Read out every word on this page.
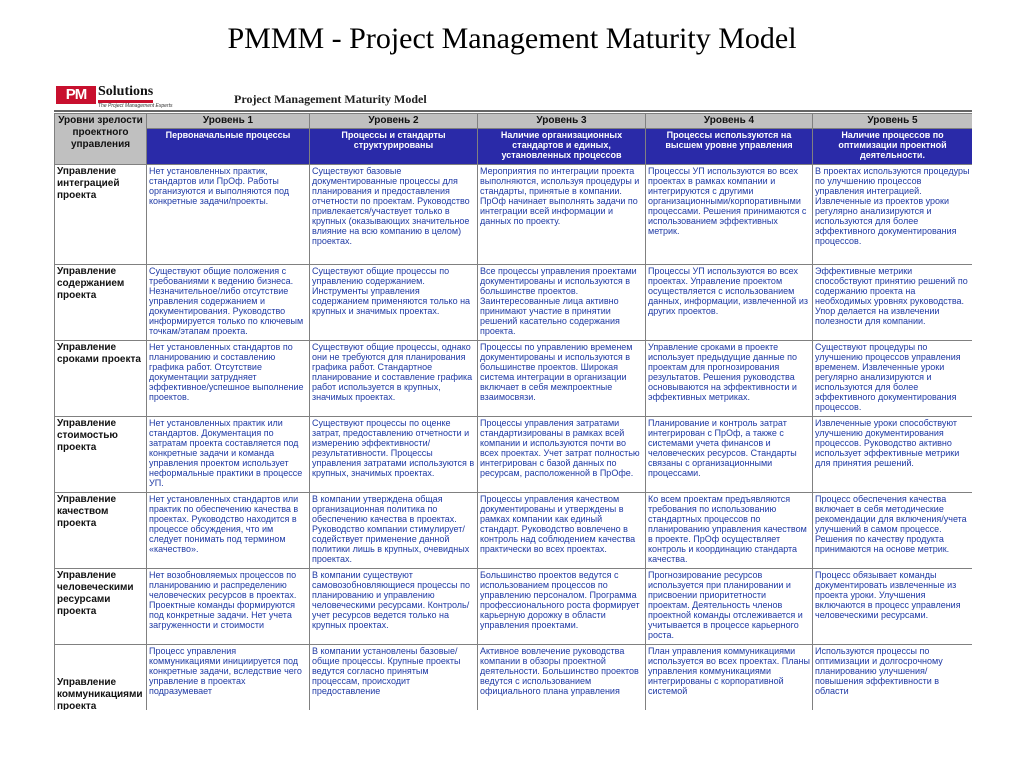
PMMM - Project Management Maturity Model
PM Solutions
The Project Management Experts	Project Management Maturity Model
Уровни зрелости проектного управления	Уровень 1	Уровень 2	Уровень 3	Уровень 4	Уровень 5
	Первоначальные процессы	Процессы и стандарты структурированы	Наличие организационных стандартов и единых, установленных процессов	Процессы используются на высшем уровне управления	Наличие процессов по оптимизации проектной деятельности.
Управление интеграцией проекта	Нет установленных практик, стандартов или ПрОф. Работы организуются и выполняются под конкретные задачи/проекты.	Существуют базовые документированные процессы для планирования и предоставления отчетности по проектам. Руководство привлекается/участвует только в крупных (оказывающих значительное влияние на всю компанию в целом) проектах.	Мероприятия по интеграции проекта выполняются, используя процедуры и стандарты, принятые в компании. ПрОф начинает выполнять задачи по интеграции всей информации и данных по проекту.	Процессы УП используются во всех проектах в рамках компании и интегрируются с другими организационными/корпоративными процессами. Решения принимаются с использованием эффективных метрик.	В проектах используются процедуры по улучшению процессов управления интеграцией. Извлеченные из проектов уроки регулярно анализируются и используются для более эффективного документирования процессов.
Управление содержанием проекта	Существуют общие положения с требованиями к ведению бизнеса. Незначительное/либо отсутствие управления содержанием и документирования. Руководство информируется только по ключевым точкам/этапам проекта.	Существуют общие процессы по управлению содержанием. Инструменты управления содержанием применяются только на крупных и значимых проектах.	Все процессы управления проектами документированы и используются в большинстве проектов. Заинтересованные лица активно принимают участие в принятии решений касательно содержания проекта.	Процессы УП используются во всех проектах. Управление проектом осуществляется с использованием данных, информации, извлеченной из других проектов.	Эффективные метрики способствуют принятию решений по содержанию проекта на необходимых уровнях руководства. Упор делается на извлечении полезности для компании.
Управление сроками проекта	Нет установленных стандартов по планированию и составлению графика работ. Отсутствие документации затрудняет эффективное/успешное выполнение проектов.	Существуют общие процессы, однако они не требуются для планирования графика работ. Стандартное планирование и составление графика работ используется в крупных, значимых проектах.	Процессы по управлению временем документированы и используются в большинстве проектов. Широкая система интеграции в организации включает в себя межпроектные взаимосвязи.	Управление сроками в проекте использует предыдущие данные по проектам для прогнозирования результатов. Решения руководства основываются на эффективности и эффективных метриках.	Существуют процедуры по улучшению процессов управления временем. Извлеченные уроки регулярно анализируются и используются для более эффективного документирования процессов.
Управление стоимостью проекта	Нет установленных практик или стандартов. Документация по затратам проекта составляется под конкретные задачи и команда управления проектом использует неформальные практики в процессе УП.	Существуют процессы по оценке затрат, предоставлению отчетности и измерению эффективности/результативности. Процессы управления затратами используются в крупных, значимых проектах.	Процессы управления затратами стандартизированы в рамках всей компании и используются почти во всех проектах. Учет затрат полностью интегрирован с базой данных по ресурсам, расположенной в ПрОфе.	Планирование и контроль затрат интегрирован с ПрОф, а также с системами учета финансов и человеческих ресурсов. Стандарты связаны с организационными процессами.	Извлеченные уроки способствуют улучшению документирования процессов. Руководство активно использует эффективные метрики для принятия решений.
Управление качеством проекта	Нет установленных стандартов или практик по обеспечению качества в проектах. Руководство находится в процессе обсуждения, что им следует понимать под термином «качество».	В компании утверждена общая организационная политика по обеспечению качества в проектах. Руководство компании стимулирует/содействует применение данной политики лишь в крупных, очевидных проектах.	Процессы управления качеством документированы и утверждены в рамках компании как единый стандарт. Руководство вовлечено в контроль над соблюдением качества практически во всех проектах.	Ко всем проектам предъявляются требования по использованию стандартных процессов по планированию управления качеством в проекте. ПрОф осуществляет контроль и координацию стандарта качества.	Процесс обеспечения качества включает в себя методические рекомендации для включения/учета улучшений в самом процессе. Решения по качеству продукта принимаются на основе метрик.
Управление человеческими ресурсами проекта	Нет возобновляемых процессов по планированию и распределению человеческих ресурсов в проектах. Проектные команды формируются под конкретные задачи. Нет учета загруженности и стоимости	В компании существуют самовозобновляющиеся процессы по планированию и управлению человеческими ресурсами. Контроль/учет ресурсов ведется только на крупных проектах.	Большинство проектов ведутся с использованием процессов по управлению персоналом. Программа профессионального роста формирует карьерную дорожку в области управления проектами.	Прогнозирование ресурсов используется при планировании и присвоении приоритетности проектам. Деятельность членов проектной команды отслеживается и учитывается в процессе карьерного роста.	Процесс обязывает команды документировать извлеченные из проекта уроки. Улучшения включаются в процесс управления человеческими ресурсами.
Управление коммуникациями проекта	Процесс управления коммуникациями инициируется под конкретные задачи, вследствие чего управление в проектах подразумевает	В компании установлены базовые/общие процессы. Крупные проекты ведутся согласно принятым процессам, происходит предоставление	Активное вовлечение руководства компании в обзоры проектной деятельности. Большинство проектов ведутся с использованием официального плана управления	План управления коммуникациями используется во всех проектах. Планы управления коммуникациями интегрированы с корпоративной системой	Используются процессы по оптимизации и долгосрочному планированию улучшения/повышения эффективности в области
